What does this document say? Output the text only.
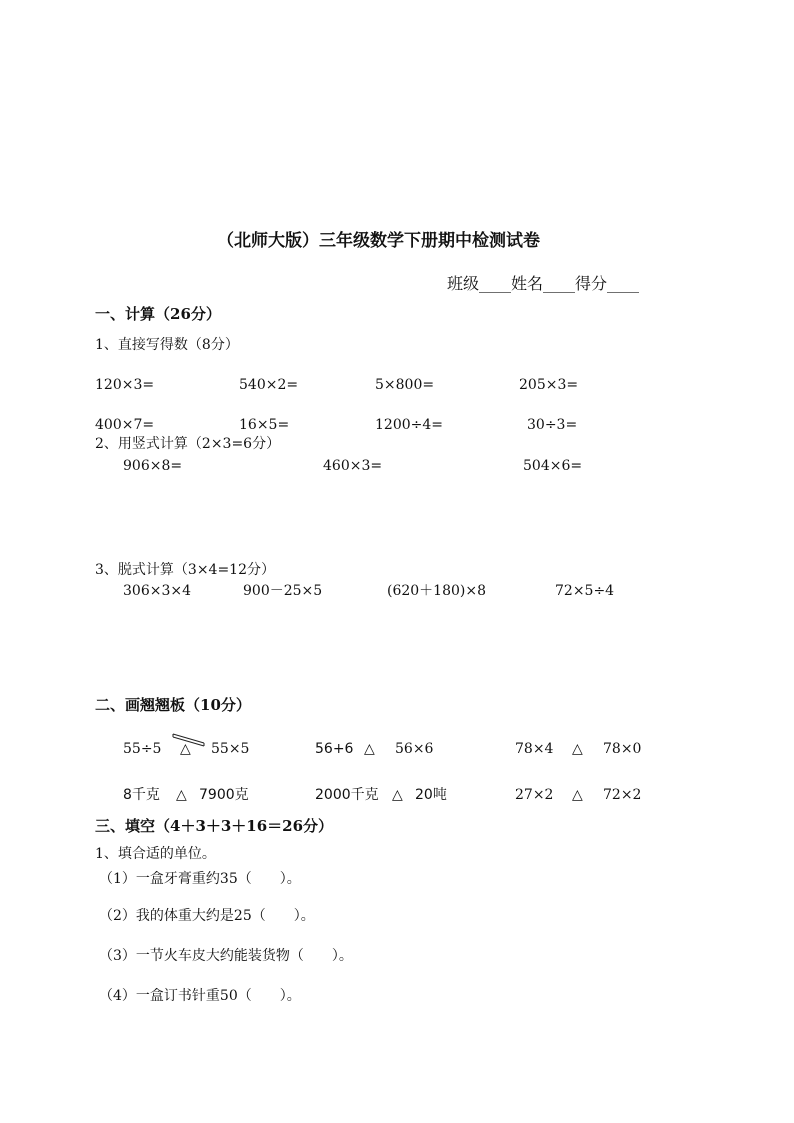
（北师大版）三年级数学下册期中检测试卷
班级____姓名____得分____
一、计算（26分）
1、直接写得数（8分）
120×3=	540×2=	5×800=	205×3=
400×7=	16×5=	1200÷4=	30÷3=
2、用竖式计算（2×3=6分）
906×8=	460×3=	504×6=
3、脱式计算（3×4=12分）
306×3×4	900－25×5	(620＋180)×8	72×5÷4
二、画翘翘板（10分）
55÷5 △ 55×5	56+6 △ 56×6	78×4 △ 78×0
8千克 △ 7900克	2000千克 △ 20吨	27×2 △ 72×2
三、填空（4＋3＋3＋16＝26分）
1、填合适的单位。
（1）一盒牙膏重约35（　　）。
（2）我的体重大约是25（　　）。
（3）一节火车皮大约能装货物（　　）。
（4）一盒订书针重50（　　）。
